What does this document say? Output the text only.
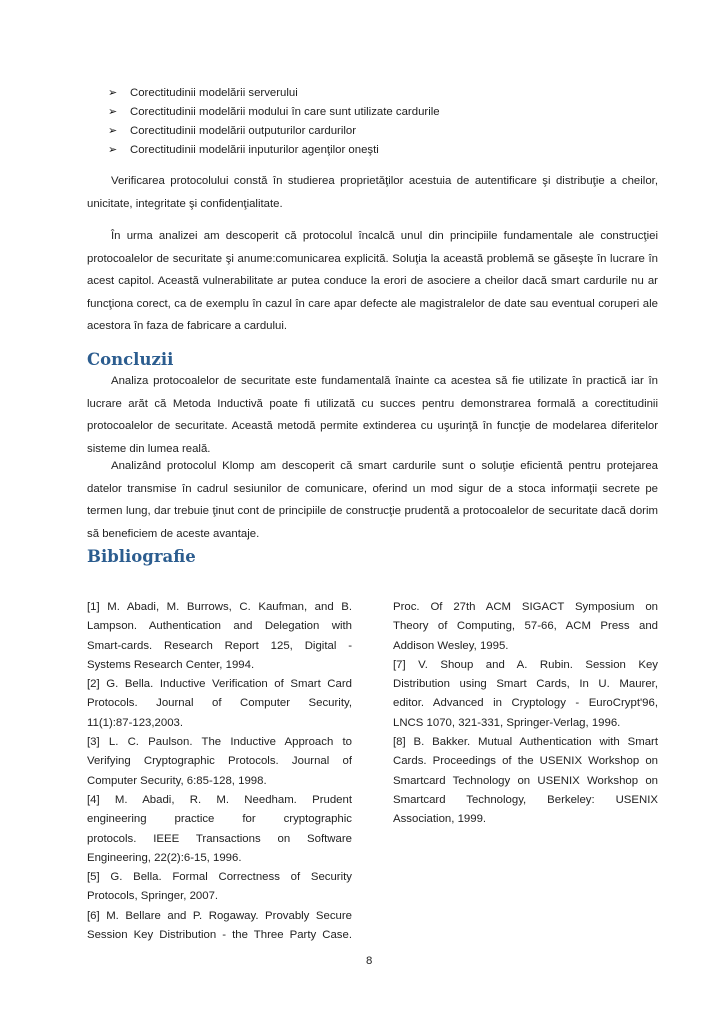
➢ Corectitudinii modelării serverului
➢ Corectitudinii modelării modului în care sunt utilizate cardurile
➢ Corectitudinii modelării outputurilor cardurilor
➢ Corectitudinii modelării inputurilor agenţilor oneşti

Verificarea protocolului constă în studierea proprietăţilor acestuia de autentificare şi distribuţie a cheilor, unicitate, integritate şi confidenţialitate.

În urma analizei am descoperit că protocolul încalcă unul din principiile fundamentale ale construcţiei protocoalelor de securitate şi anume:comunicarea explicită. Soluţia la această problemă se găseşte în lucrare în acest capitol. Această vulnerabilitate ar putea conduce la erori de asociere a cheilor dacă smart cardurile nu ar funcţiona corect, ca de exemplu în cazul în care apar defecte ale magistralelor de date sau eventual coruperi ale acestora în faza de fabricare a cardului.

Concluzii

Analiza protocoalelor de securitate este fundamentală înainte ca acestea să fie utilizate în practică iar în lucrare arăt că Metoda Inductivă poate fi utilizată cu succes pentru demonstrarea formală a corectitudinii protocoalelor de securitate. Această metodă permite extinderea cu uşurinţă în funcţie de modelarea diferitelor sisteme din lumea reală.

Analizând protocolul Klomp am descoperit că smart cardurile sunt o soluţie eficientă pentru protejarea datelor transmise în cadrul sesiunilor de comunicare, oferind un mod sigur de a stoca informaţii secrete pe termen lung, dar trebuie ţinut cont de principiile de construcţie prudentă a protocoalelor de securitate dacă dorim să beneficiem de aceste avantaje.

Bibliografie
[1] M. Abadi, M. Burrows, C. Kaufman, and B.
Lampson. Authentication and Delegation with
Smart-cards. Research Report 125, Digital -
Systems Research Center, 1994.
[2] G. Bella. Inductive Verification of Smart Card
Protocols. Journal of Computer Security,
11(1):87-123,2003.
[3] L. C. Paulson. The Inductive Approach to
Verifying Cryptographic Protocols. Journal of
Computer Security, 6:85-128, 1998.
[4] M. Abadi, R. M. Needham. Prudent
engineering practice for cryptographic
protocols. IEEE Transactions on Software
Engineering, 22(2):6-15, 1996.
[5] G. Bella. Formal Correctness of Security
Protocols, Springer, 2007.
[6] M. Bellare and P. Rogaway. Provably Secure
Session Key Distribution - the Three Party Case.
Proc. Of 27th ACM SIGACT Symposium on
Theory of Computing, 57-66, ACM Press and
Addison Wesley, 1995.
[7] V. Shoup and A. Rubin. Session Key
Distribution using Smart Cards, In U. Maurer,
editor. Advanced in Cryptology - EuroCrypt'96,
LNCS 1070, 321-331, Springer-Verlag, 1996.
[8] B. Bakker. Mutual Authentication with Smart
Cards. Proceedings of the USENIX Workshop on
Smartcard Technology on USENIX Workshop on
Smartcard Technology, Berkeley: USENIX
Association, 1999.
8
